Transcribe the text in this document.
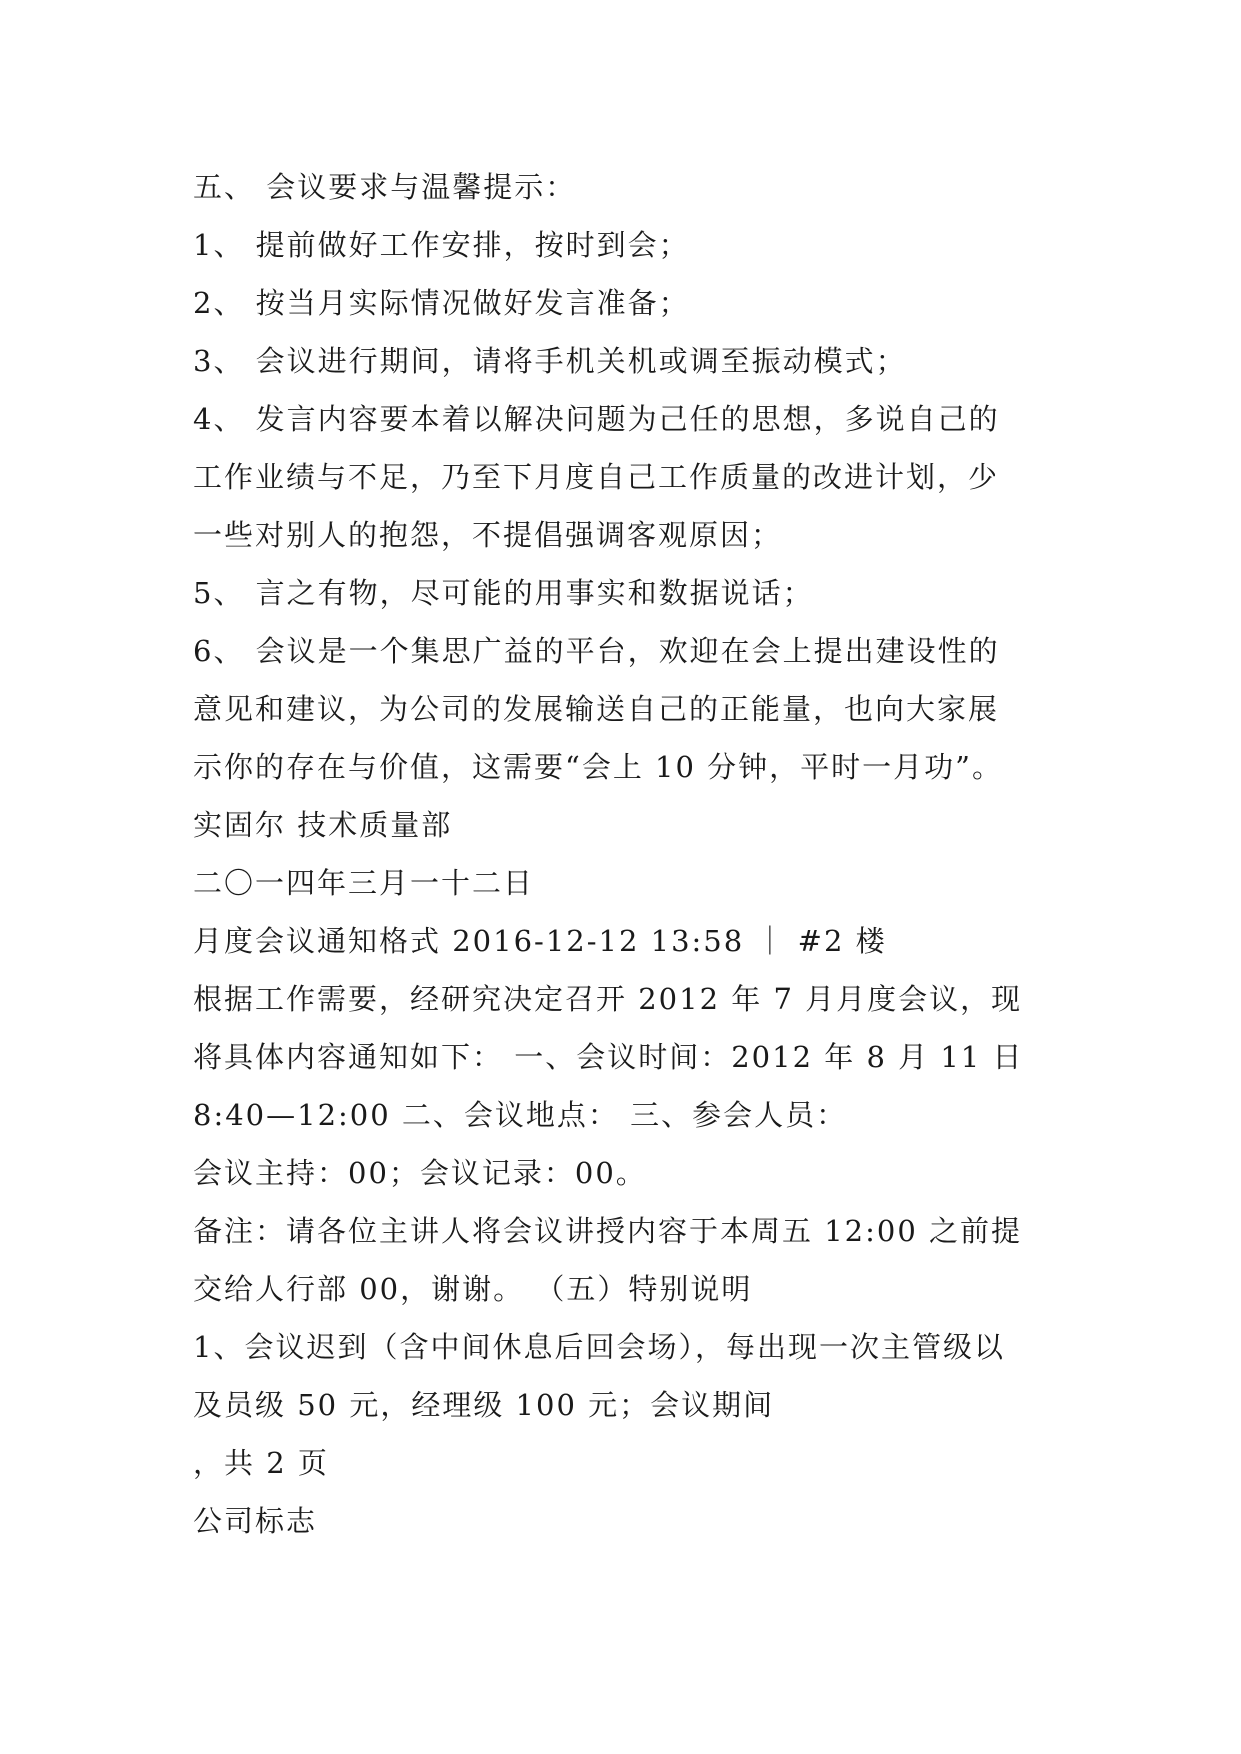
五、 会议要求与温馨提示：
1、 提前做好工作安排，按时到会；
2、 按当月实际情况做好发言准备；
3、 会议进行期间，请将手机关机或调至振动模式；
4、 发言内容要本着以解决问题为己任的思想，多说自己的
工作业绩与不足，乃至下月度自己工作质量的改进计划，少
一些对别人的抱怨，不提倡强调客观原因；
5、 言之有物，尽可能的用事实和数据说话；
6、 会议是一个集思广益的平台，欢迎在会上提出建设性的
意见和建议，为公司的发展输送自己的正能量，也向大家展
示你的存在与价值，这需要“会上 10 分钟，平时一月功”。
实固尔 技术质量部
二〇一四年三月一十二日
月度会议通知格式 2016-12-12 13:58 ｜ #2 楼
根据工作需要，经研究决定召开 2012 年 7 月月度会议，现
将具体内容通知如下： 一、会议时间：2012 年 8 月 11 日
8:40—12:00 二、会议地点： 三、参会人员：
会议主持：00；会议记录：00。
备注：请各位主讲人将会议讲授内容于本周五 12:00 之前提
交给人行部 00，谢谢。 （五）特别说明
1、会议迟到（含中间休息后回会场），每出现一次主管级以
及员级 50 元，经理级 100 元；会议期间
，共 2 页
公司标志
